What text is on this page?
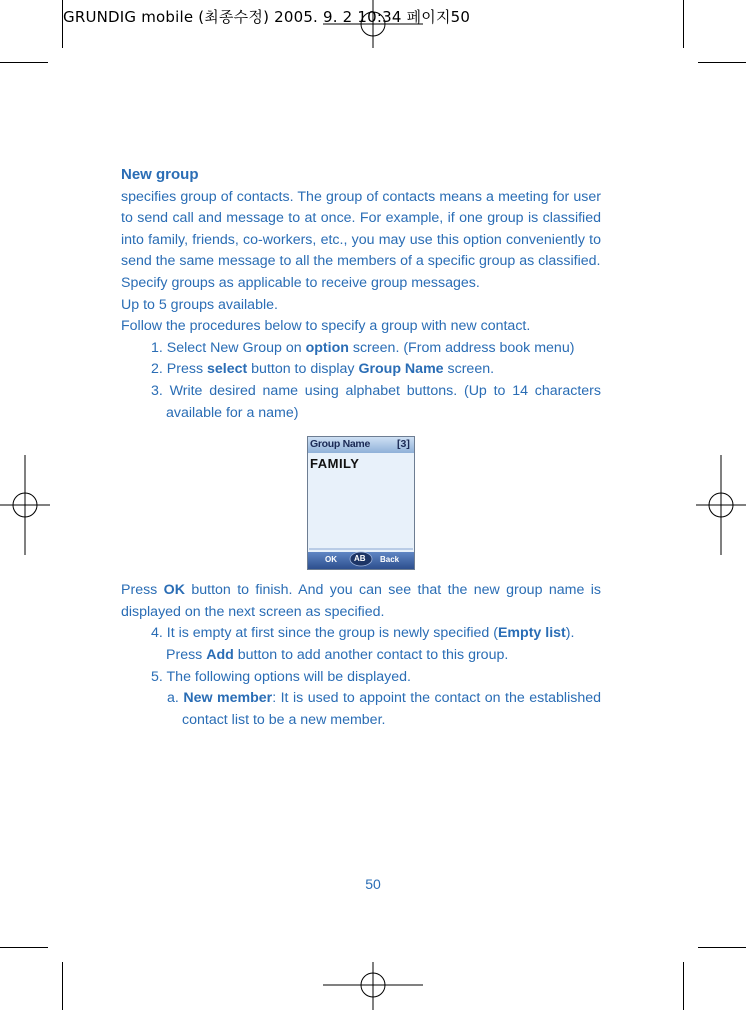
GRUNDIG mobile (최종수정) 2005. 9. 2 10:34 페이지50
New group

specifies group of contacts. The group of contacts means a meeting for user to send call and message to at once. For example, if one group is classified into family, friends, co-workers, etc., you may use this option conveniently to send the same message to all the members of a specific group as classified.

Specify groups as applicable to receive group messages.

Up to 5 groups available.

Follow the procedures below to specify a group with new contact.

1. Select New Group on option screen. (From address book menu)

2. Press select button to display Group Name screen.

3. Write desired name using alphabet buttons. (Up to 14 characters available for a name)

Group Name	[3]
FAMILY
OK AB Back

Press OK button to finish. And you can see that the new group name is displayed on the next screen as specified.

4. It is empty at first since the group is newly specified (Empty list).

Press Add button to add another contact to this group.

5. The following options will be displayed.

a. New member: It is used to appoint the contact on the established contact list to be a new member.

50
